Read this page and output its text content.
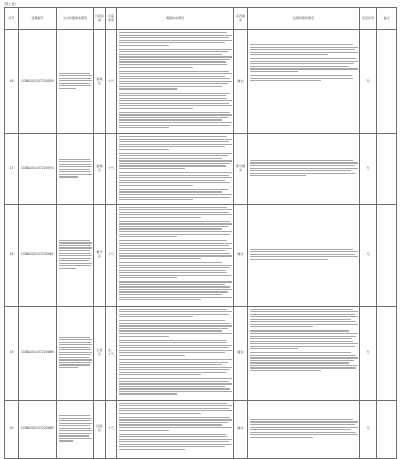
（续上表）
序号	受理编号	交办问题基本情况	行政区域	污染类型	调查核实情况	是否属实	处理和整改情况	是否问责	备注
16	D3BA202107230059		新城区	大气		属实		无	
17	D3BA202107230074		新城区	大气		部分属实		无	
18	D3BA202107230061		赛罕区	大气		属实		无	
19	D3BA202107230066		玉泉区	水、大气		属实		无	
20	D3BA202107230065		回民区	大气		属实		无	
